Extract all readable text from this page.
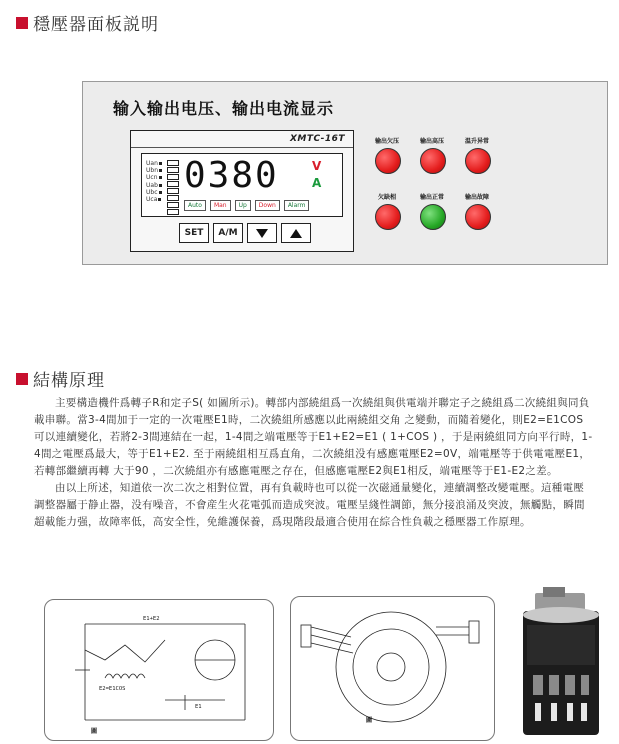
穩壓器面板説明
输入输出电压、输出电流显示
XMTC-16T
Uan
Ubn
Ucn
Uab
Ubc
Uca
0380	V
A
Auto	Man	Up	Down	Alarm
SET	A/M
输出欠压	输出高压	温升异常
欠缺相	输出正常	输出故障
結構原理

主要構造機件爲轉子R和定子S( 如圖所示)。轉部内部繞組爲一次繞組與供電端并聯定子之繞組爲二次繞組與同負載串聯。當3-4間加于一定的一次電壓E1時，二次繞組所感應以此兩繞組交角 之變動，而隨着變化，則E2=E1COS 可以連續變化，若將2-3間連結在一起，1-4間之端電壓等于E1+E2=E1 ( 1+COS ) ，于是兩繞組同方向平行時，1-4間之電壓爲最大，等于E1+E2. 至于兩繞組相互爲直角，二次繞組没有感應電壓E2=0V，端電壓等于供電電壓E1，若轉部繼續再轉 大于90 ，二次繞組亦有感應電壓之存在，但感應電壓E2與E1相反，端電壓等于E1-E2之差。

由以上所述，知道依一次二次之相對位置，再有負載時也可以從一次磁通量變化，連續調整改變電壓。這種電壓調整器屬于静止器，没有噪音，不會産生火花電弧而造成突波。電壓呈綫性調節，無分接浪涌及突波，無觸點，瞬間超載能力强，故障率低，高安全性，免維護保養，爲現階段最適合使用在綜合性負載之穩壓器工作原理。

E1+E2
E2=E1COS
E1
圖
圖
